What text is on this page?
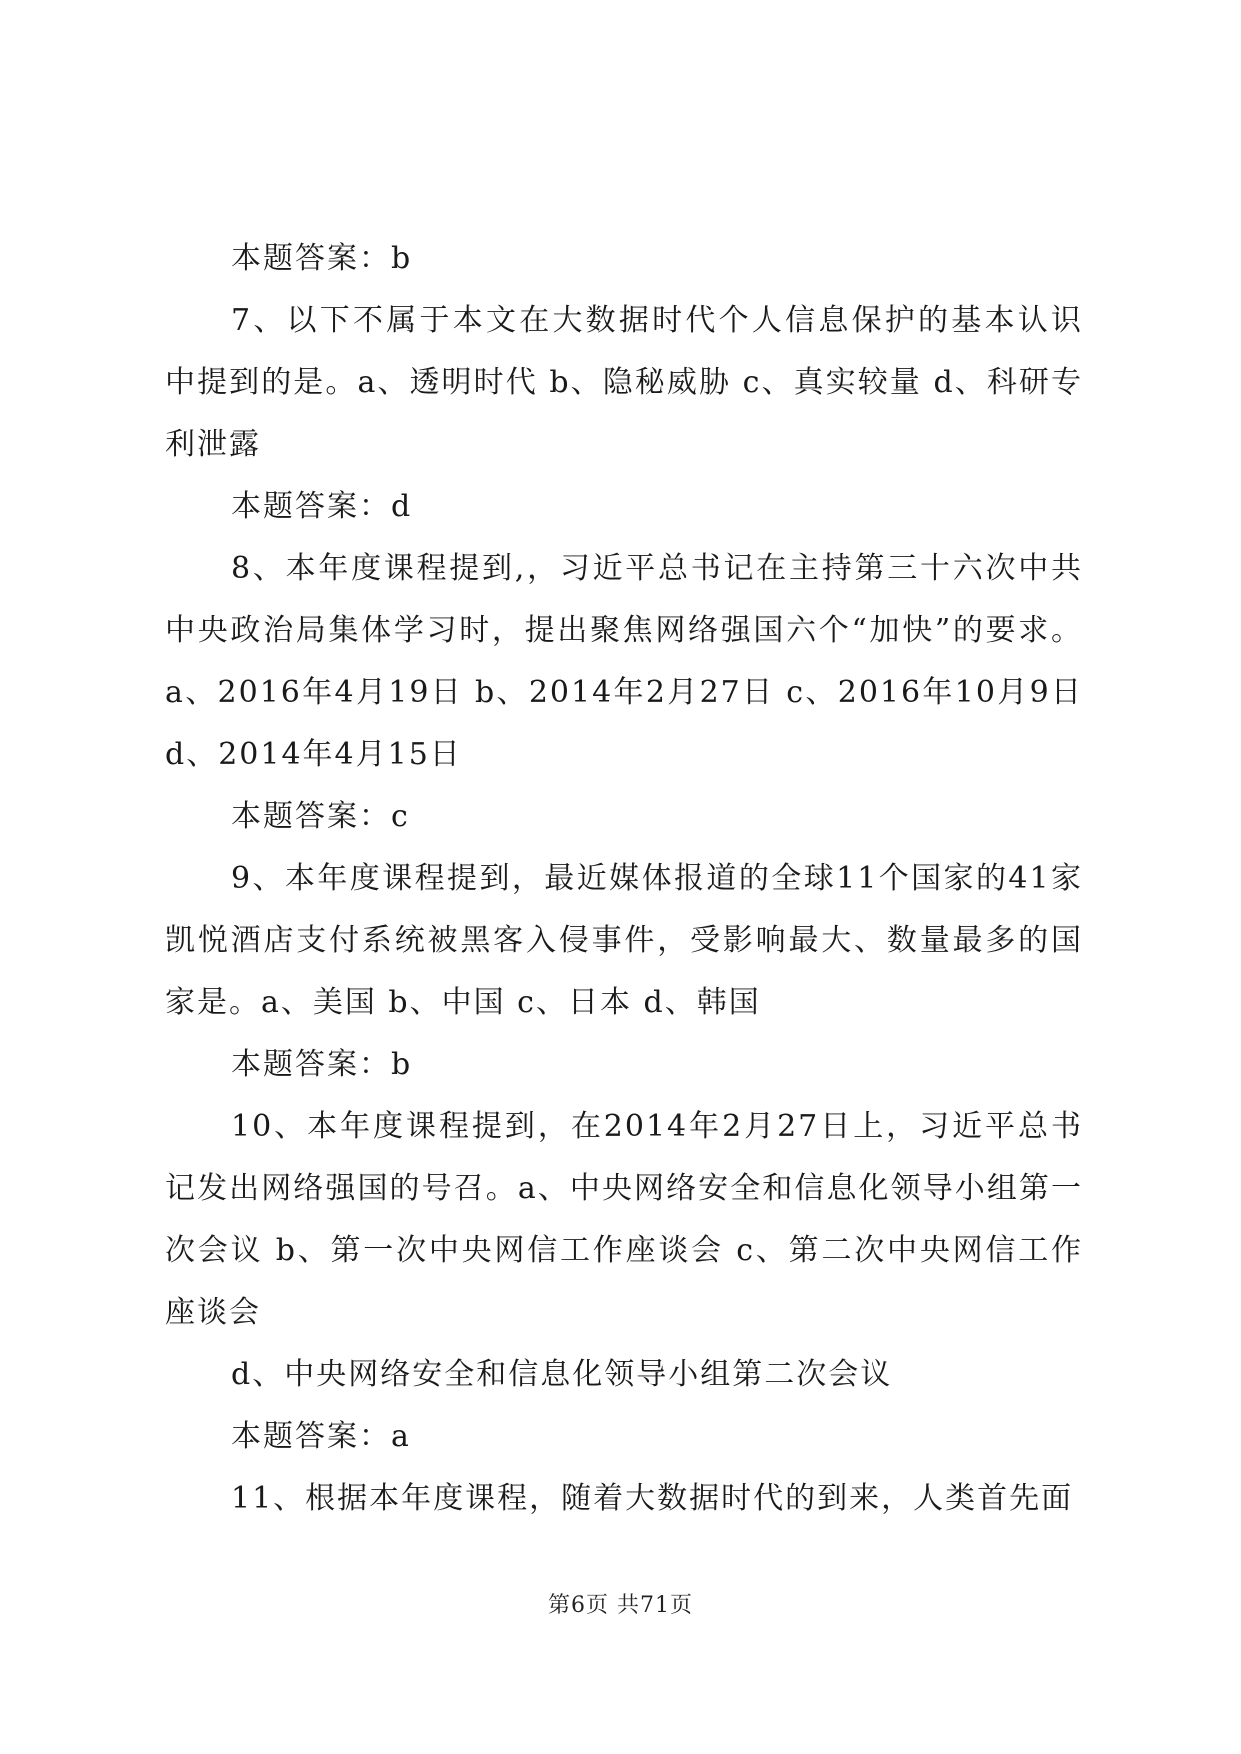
本题答案：b

7、以下不属于本文在大数据时代个人信息保护的基本认识中提到的是。a、透明时代 b、隐秘威胁 c、真实较量 d、科研专利泄露

本题答案：d

8、本年度课程提到,，习近平总书记在主持第三十六次中共中央政治局集体学习时，提出聚焦网络强国六个“加快”的要求。a、2016年4月19日 b、2014年2月27日 c、2016年10月9日 d、2014年4月15日

本题答案：c

9、本年度课程提到，最近媒体报道的全球11个国家的41家凯悦酒店支付系统被黑客入侵事件，受影响最大、数量最多的国家是。a、美国 b、中国 c、日本 d、韩国

本题答案：b

10、本年度课程提到，在2014年2月27日上，习近平总书记发出网络强国的号召。a、中央网络安全和信息化领导小组第一次会议 b、第一次中央网信工作座谈会 c、第二次中央网信工作座谈会

d、中央网络安全和信息化领导小组第二次会议

本题答案：a

11、根据本年度课程，随着大数据时代的到来，人类首先面

第6页 共71页
